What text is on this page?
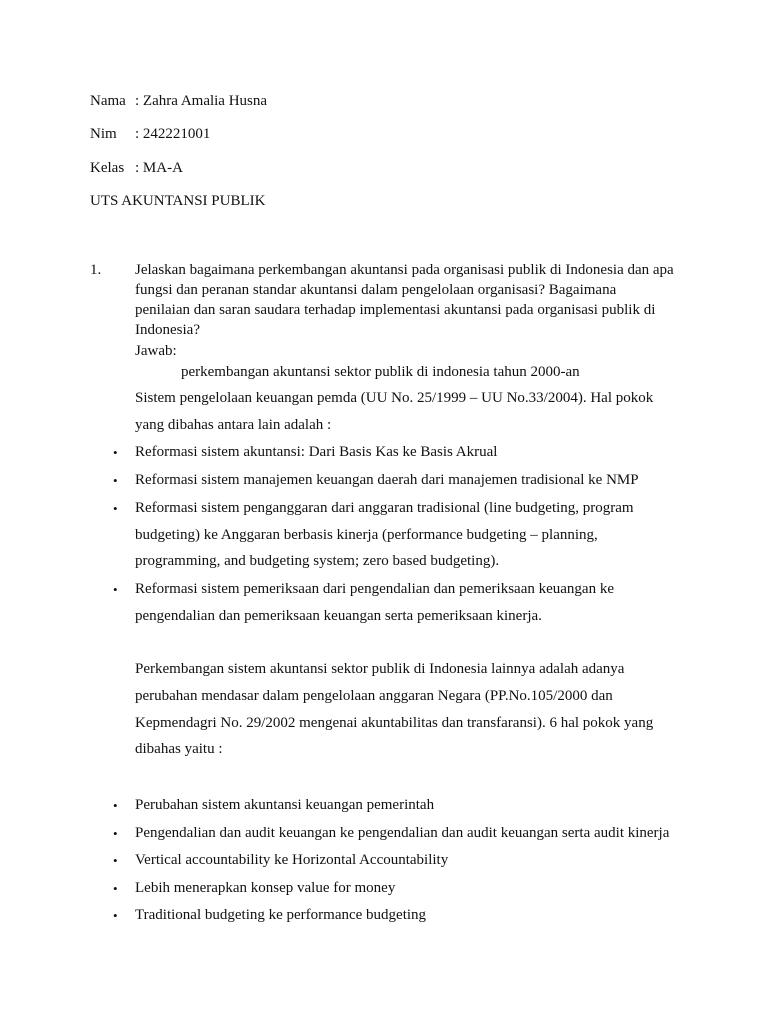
Nama : Zahra Amalia Husna
Nim : 242221001
Kelas : MA-A
UTS AKUNTANSI PUBLIK
1. Jelaskan bagaimana perkembangan akuntansi pada organisasi publik di Indonesia dan apa
fungsi dan peranan standar akuntansi dalam pengelolaan organisasi? Bagaimana
penilaian dan saran saudara terhadap implementasi akuntansi pada organisasi publik di
Indonesia?
Jawab:
perkembangan akuntansi sektor publik di indonesia tahun 2000-an
Sistem pengelolaan keuangan pemda (UU No. 25/1999 – UU No.33/2004). Hal pokok
yang dibahas antara lain adalah :
• Reformasi sistem akuntansi: Dari Basis Kas ke Basis Akrual
• Reformasi sistem manajemen keuangan daerah dari manajemen tradisional ke NMP
• Reformasi sistem penganggaran dari anggaran tradisional (line budgeting, program
budgeting) ke Anggaran berbasis kinerja (performance budgeting – planning,
programming, and budgeting system; zero based budgeting).
• Reformasi sistem pemeriksaan dari pengendalian dan pemeriksaan keuangan ke
pengendalian dan pemeriksaan keuangan serta pemeriksaan kinerja.
Perkembangan sistem akuntansi sektor publik di Indonesia lainnya adalah adanya
perubahan mendasar dalam pengelolaan anggaran Negara (PP.No.105/2000 dan
Kepmendagri No. 29/2002 mengenai akuntabilitas dan transfaransi). 6 hal pokok yang
dibahas yaitu :
• Perubahan sistem akuntansi keuangan pemerintah
• Pengendalian dan audit keuangan ke pengendalian dan audit keuangan serta audit kinerja
• Vertical accountability ke Horizontal Accountability
• Lebih menerapkan konsep value for money
• Traditional budgeting ke performance budgeting
